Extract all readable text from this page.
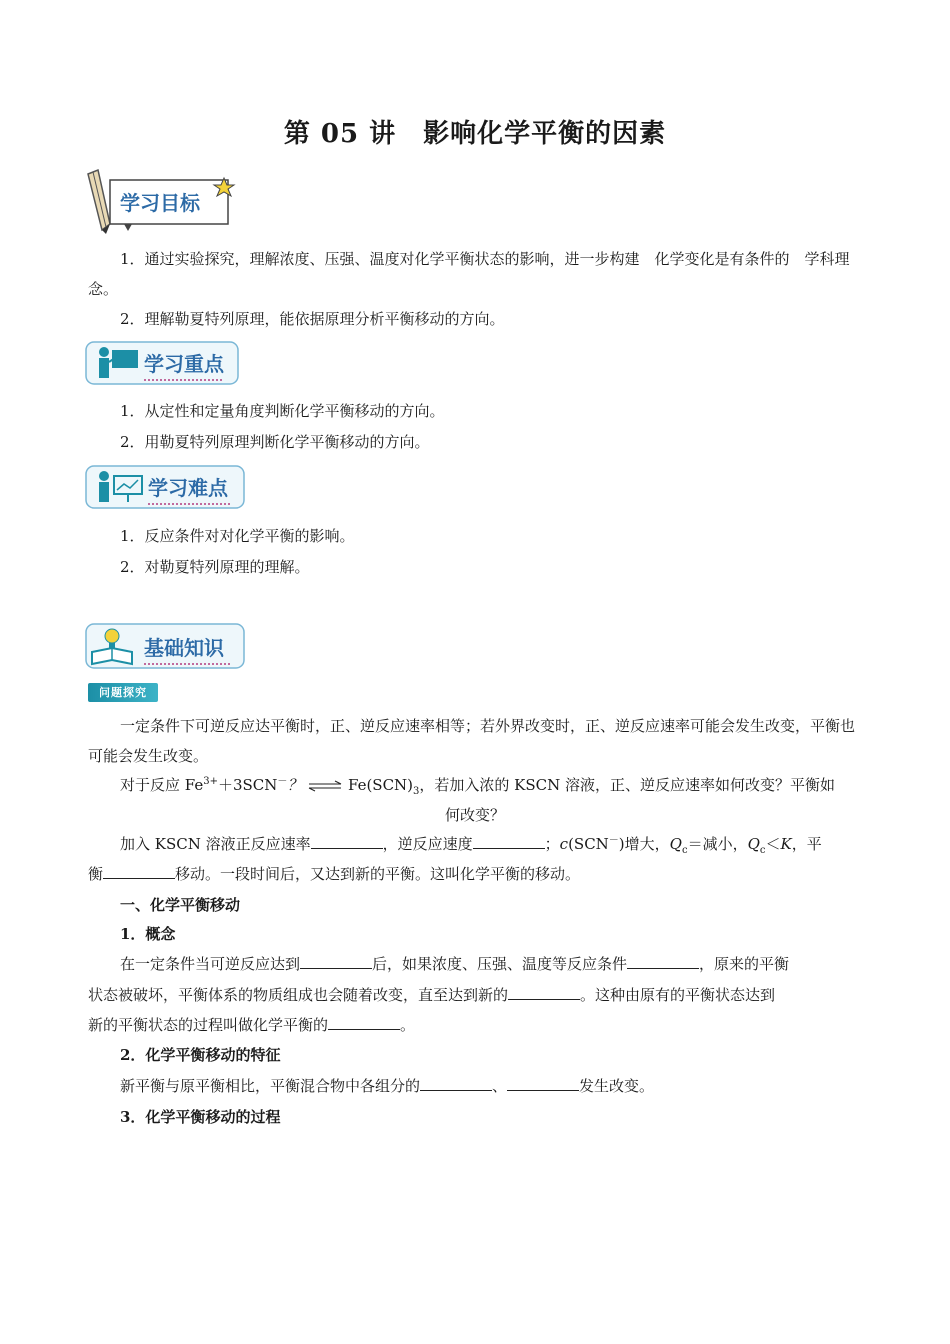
第 05 讲　影响化学平衡的因素
学习目标

1．通过实验探究，理解浓度、压强、温度对化学平衡状态的影响，进一步构建　化学变化是有条件的　学科理念。

2．理解勒夏特列原理，能依据原理分析平衡移动的方向。
学习重点
1．从定性和定量角度判断化学平衡移动的方向。
2．用勒夏特列原理判断化学平衡移动的方向。
学习难点
1．反应条件对对化学平衡的影响。
2．对勒夏特列原理的理解。
基础知识
问题探究

一定条件下可逆反应达平衡时，正、逆反应速率相等；若外界改变时，正、逆反应速率可能会发生改变，平衡也可能会发生改变。

对于反应 $Fe^{3+}+3SCN^-$？ ⇌ $Fe(SCN)_3$，若加入浓的 KSCN 溶液，正、逆反应速率如何改变？平衡如
何改变？
加入 KSCN 溶液正反应速率	，逆反应速度	；c(SCN－)增大，$Q_c=$减小，$Q_c<K$，平
衡	移动。一段时间后，又达到新的平衡。这叫化学平衡的移动。
一、化学平衡移动
1．概念
在一定条件当可逆反应达到	后，如果浓度、压强、温度等反应条件	，原来的平衡
状态被破坏，平衡体系的物质组成也会随着改变，直至达到新的	。这种由原有的平衡状态达到
新的平衡状态的过程叫做化学平衡的	。
2．化学平衡移动的特征
新平衡与原平衡相比，平衡混合物中各组分的	、	发生改变。
3．化学平衡移动的过程
